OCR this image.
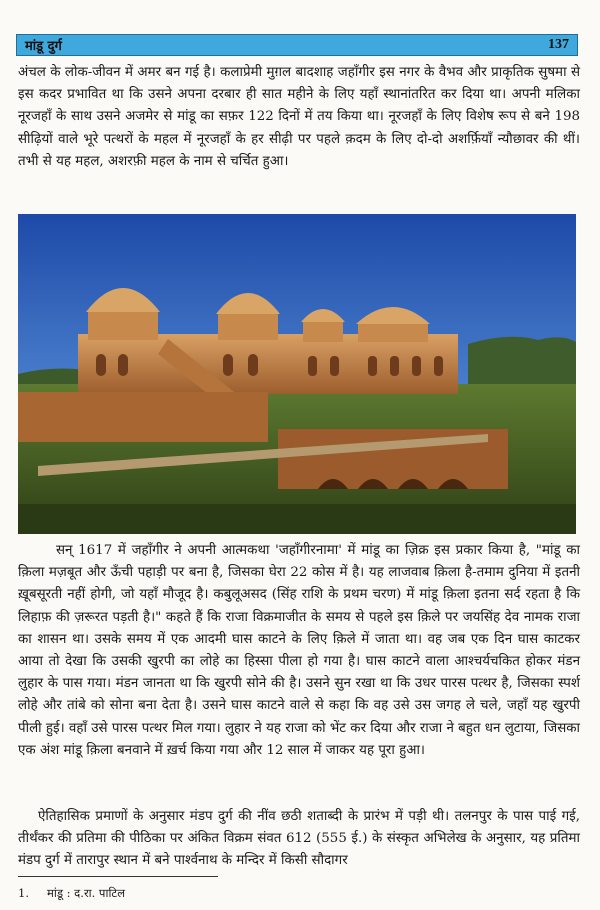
मांडू दुर्ग	137

अंचल के लोक-जीवन में अमर बन गई है। कलाप्रेमी मुग़ल बादशाह जहाँगीर इस नगर के वैभव और प्राकृतिक सुषमा से इस कदर प्रभावित था कि उसने अपना दरबार ही सात महीने के लिए यहाँ स्थानांतरित कर दिया था। अपनी मलिका नूरजहाँ के साथ उसने अजमेर से मांडू का सफ़र 122 दिनों में तय किया था। नूरजहाँ के लिए विशेष रूप से बने 198 सीढ़ियों वाले भूरे पत्थरों के महल में नूरजहाँ के हर सीढ़ी पर पहले क़दम के लिए दो-दो अशर्फ़ियाँ न्यौछावर की थीं। तभी से यह महल, अशरफ़ी महल के नाम से चर्चित हुआ।

सन् 1617 में जहाँगीर ने अपनी आत्मकथा 'जहाँगीरनामा' में मांडू का ज़िक्र इस प्रकार किया है, "मांडू का क़िला मज़बूत और ऊँची पहाड़ी पर बना है, जिसका घेरा 22 कोस में है। यह लाजवाब क़िला है-तमाम दुनिया में इतनी ख़ूबसूरती नहीं होगी, जो यहाँ मौजूद है। कबुलूअसद (सिंह राशि के प्रथम चरण) में मांडू क़िला इतना सर्द रहता है कि लिहाफ़ की ज़रूरत पड़ती है।" कहते हैं कि राजा विक्रमाजीत के समय से पहले इस क़िले पर जयसिंह देव नामक राजा का शासन था। उसके समय में एक आदमी घास काटने के लिए क़िले में जाता था। वह जब एक दिन घास काटकर आया तो देखा कि उसकी खुरपी का लोहे का हिस्सा पीला हो गया है। घास काटने वाला आश्चर्यचकित होकर मंडन लुहार के पास गया। मंडन जानता था कि खुरपी सोने की है। उसने सुन रखा था कि उधर पारस पत्थर है, जिसका स्पर्श लोहे और तांबे को सोना बना देता है। उसने घास काटने वाले से कहा कि वह उसे उस जगह ले चले, जहाँ यह खुरपी पीली हुई। वहाँ उसे पारस पत्थर मिल गया। लुहार ने यह राजा को भेंट कर दिया और राजा ने बहुत धन लुटाया, जिसका एक अंश मांडू क़िला बनवाने में ख़र्च किया गया और 12 साल में जाकर यह पूरा हुआ।

ऐतिहासिक प्रमाणों के अनुसार मंडप दुर्ग की नींव छठी शताब्दी के प्रारंभ में पड़ी थी। तलनपुर के पास पाई गई, तीर्थंकर की प्रतिमा की पीठिका पर अंकित विक्रम संवत 612 (555 ई.) के संस्कृत अभिलेख के अनुसार, यह प्रतिमा मंडप दुर्ग में तारापुर स्थान में बने पार्श्वनाथ के मन्दिर में किसी सौदागर

1. मांडू : द.रा. पाटिल
